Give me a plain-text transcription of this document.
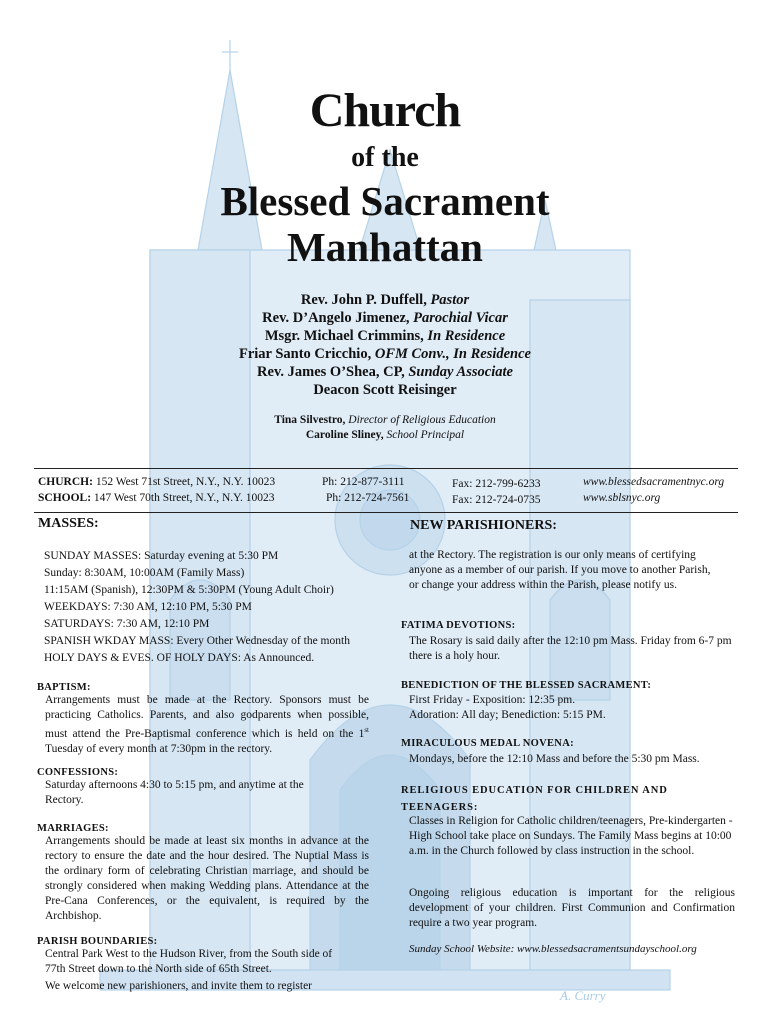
A. Curry
Church
of the
Blessed Sacrament
Manhattan
Rev. John P. Duffell, Pastor
Rev. D’Angelo Jimenez, Parochial Vicar
Msgr. Michael Crimmins, In Residence
Friar Santo Cricchio, OFM Conv., In Residence
Rev. James O’Shea, CP, Sunday Associate
Deacon Scott Reisinger
Tina Silvestro, Director of Religious Education
Caroline Sliney, School Principal
CHURCH: 152 West 71st Street, N.Y., N.Y. 10023
SCHOOL: 147 West 70th Street, N.Y., N.Y. 10023
Ph: 212-877-3111
Ph: 212-724-7561
Fax: 212-799-6233
Fax: 212-724-0735
www.blessedsacramentnyc.org
www.sblsnyc.org
MASSES:
SUNDAY MASSES: Saturday evening at 5:30 PM
Sunday: 8:30AM, 10:00AM (Family Mass)
11:15AM (Spanish), 12:30PM & 5:30PM (Young Adult Choir)
WEEKDAYS: 7:30 AM, 12:10 PM, 5:30 PM
SATURDAYS: 7:30 AM, 12:10 PM
SPANISH WKDAY MASS: Every Other Wednesday of the month
HOLY DAYS & EVES. OF HOLY DAYS: As Announced.
BAPTISM:
Arrangements must be made at the Rectory. Sponsors must be practicing Catholics. Parents, and also godparents when possible, must attend the Pre-Baptismal conference which is held on the 1st Tuesday of every month at 7:30pm in the rectory.
CONFESSIONS:
Saturday afternoons 4:30 to 5:15 pm, and anytime at the Rectory.
MARRIAGES:
Arrangements should be made at least six months in advance at the rectory to ensure the date and the hour desired. The Nuptial Mass is the ordinary form of celebrating Christian marriage, and should be strongly considered when making Wedding plans. Attendance at the Pre-Cana Conferences, or the equivalent, is required by the Archbishop.
PARISH BOUNDARIES:
Central Park West to the Hudson River, from the South side of 77th Street down to the North side of 65th Street.
We welcome new parishioners, and invite them to register
NEW PARISHIONERS:
at the Rectory. The registration is our only means of certifying anyone as a member of our parish. If you move to another Parish, or change your address within the Parish, please notify us.
FATIMA DEVOTIONS:
The Rosary is said daily after the 12:10 pm Mass. Friday from 6-7 pm there is a holy hour.
BENEDICTION OF THE BLESSED SACRAMENT:
First Friday - Exposition: 12:35 pm.
Adoration: All day; Benediction: 5:15 PM.
MIRACULOUS MEDAL NOVENA:
Mondays, before the 12:10 Mass and before the 5:30 pm Mass.
RELIGIOUS EDUCATION FOR CHILDREN AND TEENAGERS:
Classes in Religion for Catholic children/teenagers, Pre-kindergarten - High School take place on Sundays. The Family Mass begins at 10:00 a.m. in the Church followed by class instruction in the school.
Ongoing religious education is important for the religious development of your children. First Communion and Confirmation require a two year program.
Sunday School Website: www.blessedsacramentsundayschool.org
